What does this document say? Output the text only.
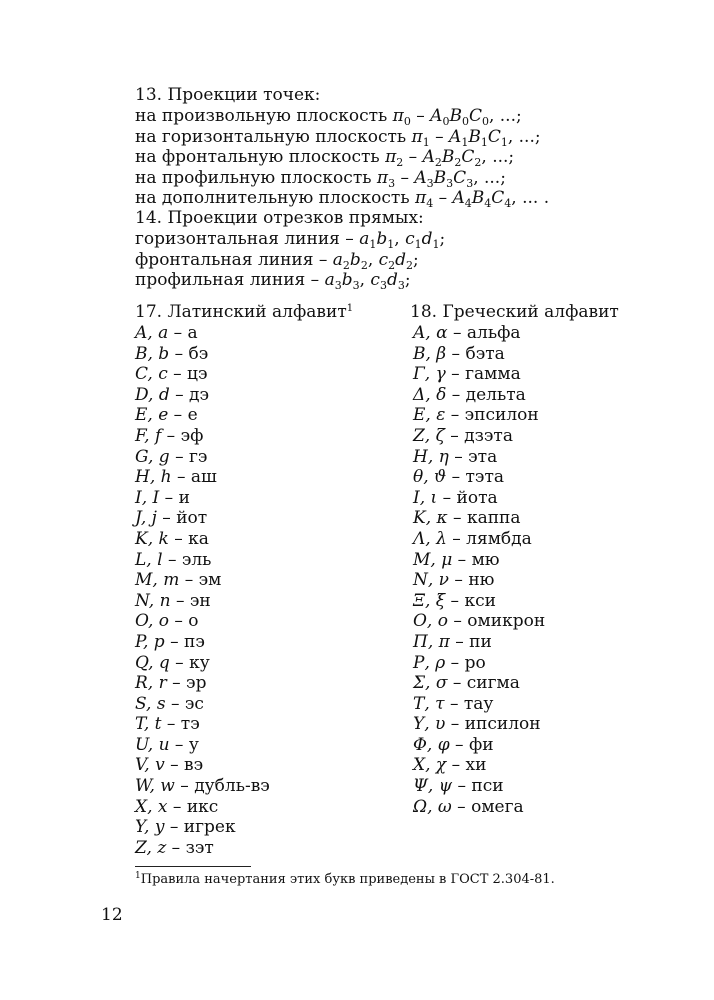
13. Проекции точек:
на произвольную плоскость $\pi_0 - A_0B_0C_0$, ...;
на горизонтальную плоскость $\pi_1 - A_1B_1C_1$, ...;
на фронтальную плоскость $\pi_2 - A_2B_2C_2$, ...;
на профильную плоскость $\pi_3 - A_3B_3C_3$, ...;
на дополнительную плоскость $\pi_4 - A_4B_4C_4$, ... .
14. Проекции отрезков прямых:
горизонтальная линия – $a_1b_1$, $c_1d_1$;
фронтальная линия – $a_2b_2$, $c_2d_2$;
профильная линия – $a_3b_3$, $c_3d_3$;
17. Латинский алфавит$^1$
A, a – а
B, b – бэ
C, c – цэ
D, d – дэ
E, e – е
F, f – эф
G, g – гэ
H, h – аш
I, I – и
J, j – йот
K, k – ка
L, l – эль
M, m – эм
N, n – эн
O, o – о
P, p – пэ
Q, q – ку
R, r – эр
S, s – эс
T, t – тэ
U, u – у
V, v – вэ
W, w – дубль-вэ
X, x – икс
Y, y – игрек
Z, z – зэт
18. Греческий алфавит
Α, α – альфа
Β, β – бэта
Γ, γ – гамма
Δ, δ – дельта
Ε, ε – эпсилон
Ζ, ζ – дзэта
Η, η – эта
θ, ϑ – тэта
Ι, ι – йота
Κ, κ – каппа
Λ, λ – лямбда
Μ, μ – мю
Ν, ν – ню
Ξ, ξ – кси
Ο, ο – омикрон
Π, π – пи
Ρ, ρ – ро
Σ, σ – сигма
Τ, τ – тау
Υ, υ – ипсилон
Φ, φ – фи
Χ, χ – хи
Ψ, ψ – пси
Ω, ω – омега
$^1$Правила начертания этих букв приведены в ГОСТ 2.304-81.
12
